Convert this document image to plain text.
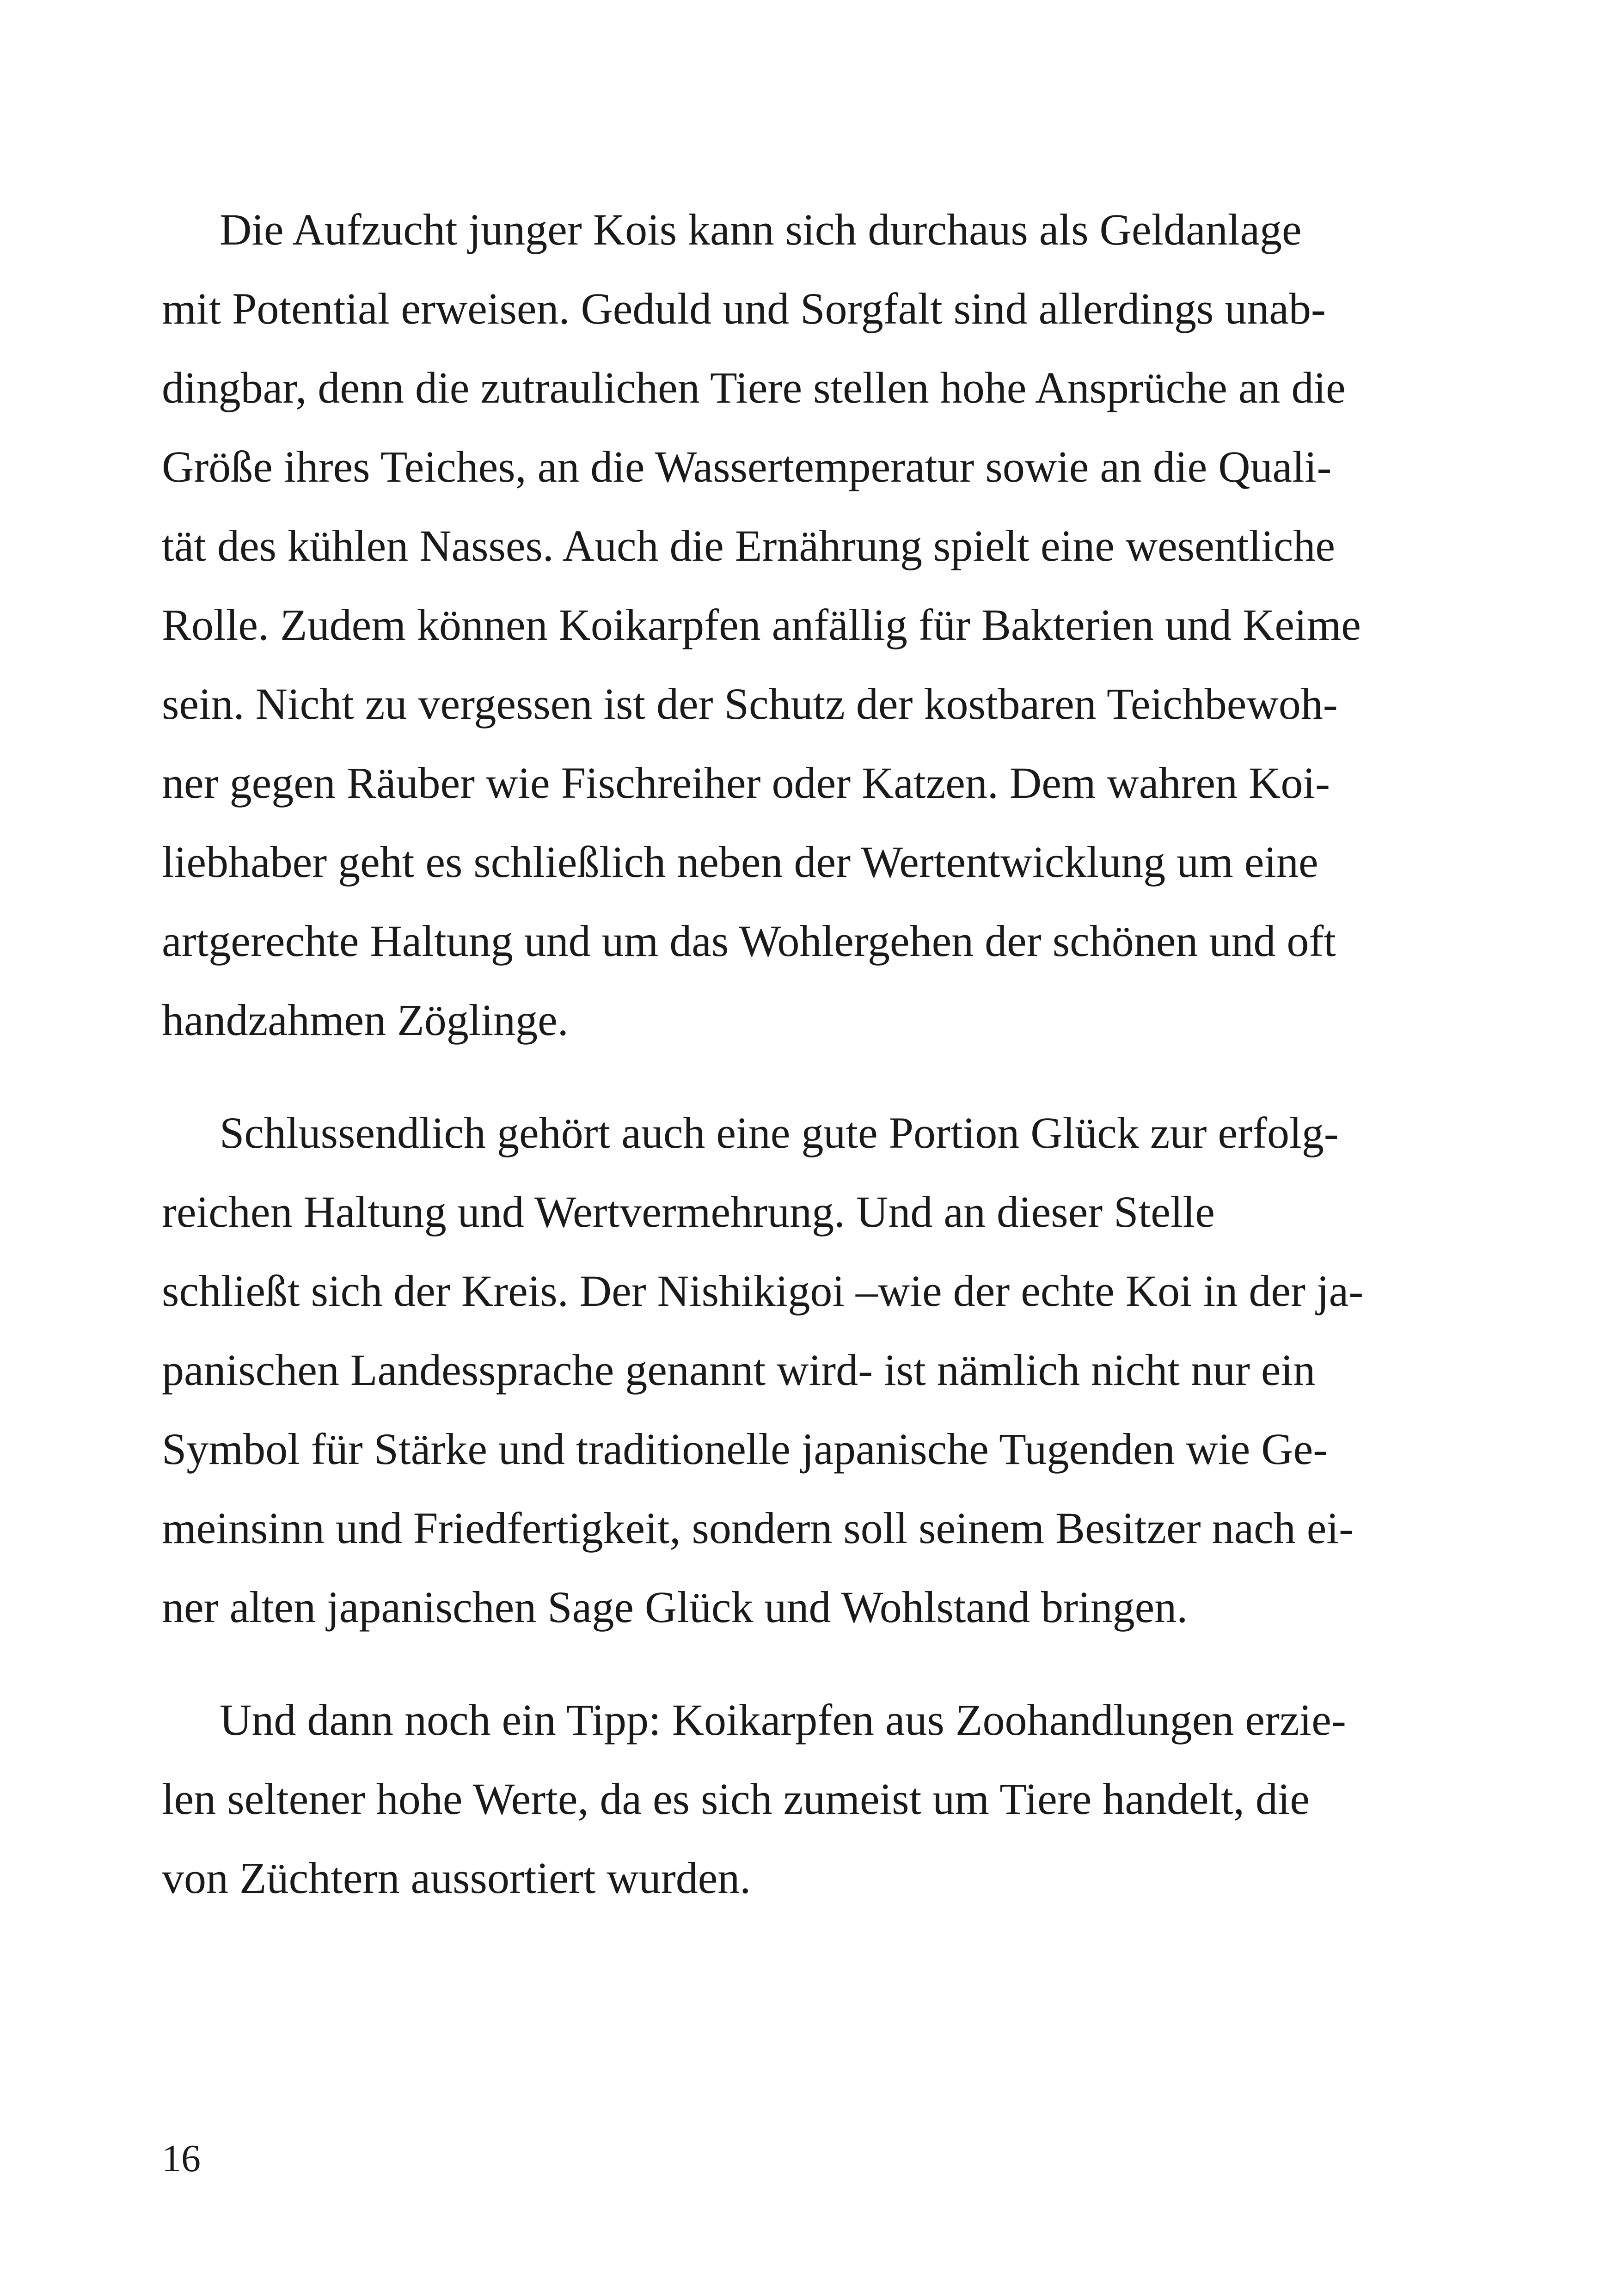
Die Aufzucht junger Kois kann sich durchaus als Geldanlage
mit Potential erweisen. Geduld und Sorgfalt sind allerdings unab-
dingbar, denn die zutraulichen Tiere stellen hohe Ansprüche an die
Größe ihres Teiches, an die Wassertemperatur sowie an die Quali-
tät des kühlen Nasses. Auch die Ernährung spielt eine wesentliche
Rolle. Zudem können Koikarpfen anfällig für Bakterien und Keime
sein. Nicht zu vergessen ist der Schutz der kostbaren Teichbewoh-
ner gegen Räuber wie Fischreiher oder Katzen. Dem wahren Koi-
liebhaber geht es schließlich neben der Wertentwicklung um eine
artgerechte Haltung und um das Wohlergehen der schönen und oft
handzahmen Zöglinge.
Schlussendlich gehört auch eine gute Portion Glück zur erfolg-
reichen Haltung und Wertvermehrung. Und an dieser Stelle
schließt sich der Kreis. Der Nishikigoi –wie der echte Koi in der ja-
panischen Landessprache genannt wird- ist nämlich nicht nur ein
Symbol für Stärke und traditionelle japanische Tugenden wie Ge-
meinsinn und Friedfertigkeit, sondern soll seinem Besitzer nach ei-
ner alten japanischen Sage Glück und Wohlstand bringen.
Und dann noch ein Tipp: Koikarpfen aus Zoohandlungen erzie-
len seltener hohe Werte, da es sich zumeist um Tiere handelt, die
von Züchtern aussortiert wurden.
16
